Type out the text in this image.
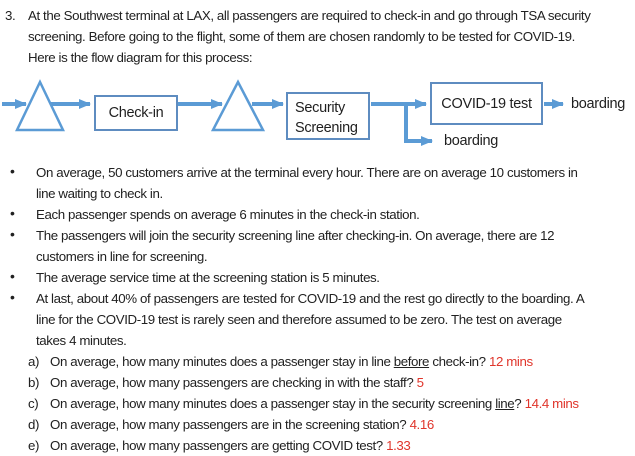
3. At the Southwest terminal at LAX, all passengers are required to check-in and go through TSA security
screening. Before going to the flight, some of them are chosen randomly to be tested for COVID-19.
Here is the flow diagram for this process:
Check-in	Security Screening
COVID-19 test	boarding
boarding
• On average, 50 customers arrive at the terminal every hour. There are on average 10 customers in
line waiting to check in.
• Each passenger spends on average 6 minutes in the check-in station.
• The passengers will join the security screening line after checking-in. On average, there are 12
customers in line for screening.
• The average service time at the screening station is 5 minutes.
• At last, about 40% of passengers are tested for COVID-19 and the rest go directly to the boarding. A
line for the COVID-19 test is rarely seen and therefore assumed to be zero. The test on average
takes 4 minutes.
a) On average, how many minutes does a passenger stay in line before check-in? 12 mins
b) On average, how many passengers are checking in with the staff? 5
c) On average, how many minutes does a passenger stay in the security screening line? 14.4 mins
d) On average, how many passengers are in the screening station? 4.16
e) On average, how many passengers are getting COVID test? 1.33
